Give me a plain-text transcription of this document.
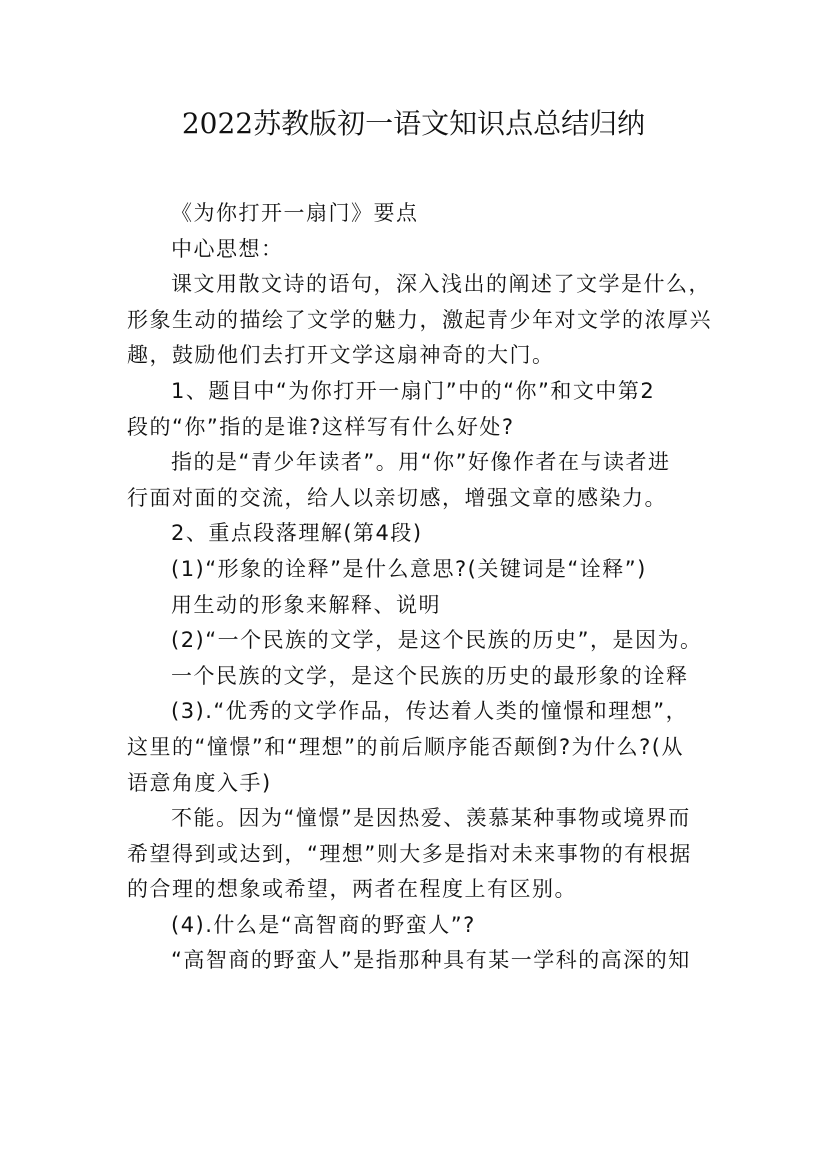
2022苏教版初一语文知识点总结归纳
《为你打开一扇门》要点
中心思想：
课文用散文诗的语句，深入浅出的阐述了文学是什么，
形象生动的描绘了文学的魅力，激起青少年对文学的浓厚兴
趣，鼓励他们去打开文学这扇神奇的大门。
1、题目中“为你打开一扇门”中的“你”和文中第2
段的“你”指的是谁?这样写有什么好处?
指的是“青少年读者”。用“你”好像作者在与读者进
行面对面的交流，给人以亲切感，增强文章的感染力。
2、重点段落理解(第4段)
(1)“形象的诠释”是什么意思?(关键词是“诠释”)
用生动的形象来解释、说明
(2)“一个民族的文学，是这个民族的历史”，是因为。
一个民族的文学，是这个民族的历史的最形象的诠释
(3).“优秀的文学作品，传达着人类的憧憬和理想”，
这里的“憧憬”和“理想”的前后顺序能否颠倒?为什么?(从
语意角度入手)
不能。因为“憧憬”是因热爱、羡慕某种事物或境界而
希望得到或达到，“理想”则大多是指对未来事物的有根据
的合理的想象或希望，两者在程度上有区别。
(4).什么是“高智商的野蛮人”?
“高智商的野蛮人”是指那种具有某一学科的高深的知
